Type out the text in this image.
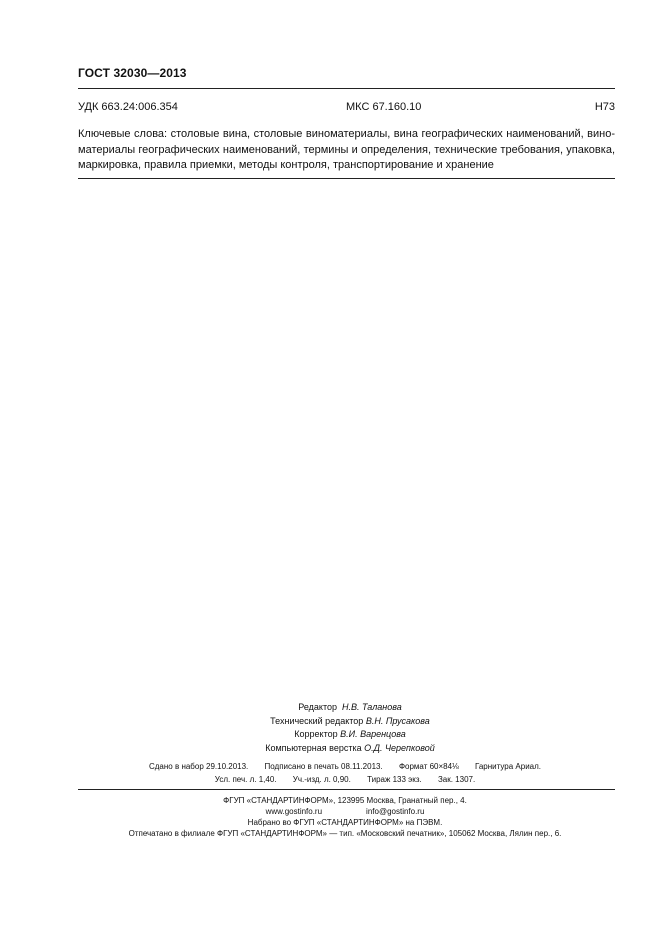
ГОСТ 32030—2013
УДК 663.24:006.354	МКС 67.160.10	Н73
Ключевые слова: столовые вина, столовые виноматериалы, вина географических наименований, вино-
материалы географических наименований, термины и определения, технические требования, упаковка,
маркировка, правила приемки, методы контроля, транспортирование и хранение
Редактор Н.В. Таланова
Технический редактор В.Н. Прусакова
Корректор В.И. Варенцова
Компьютерная верстка О.Д. Черепковой
Сдано в набор 29.10.2013. Подписано в печать 08.11.2013. Формат 60×84⅛ Гарнитура Ариал.
Усл. печ. л. 1,40. Уч.-изд. л. 0,90. Тираж 133 экз. Зак. 1307.
ФГУП «СТАНДАРТИНФОРМ», 123995 Москва, Гранатный пер., 4.
www.gostinfo.ru	info@gostinfo.ru
Набрано во ФГУП «СТАНДАРТИНФОРМ» на ПЭВМ.
Отпечатано в филиале ФГУП «СТАНДАРТИНФОРМ» — тип. «Московский печатник», 105062 Москва, Лялин пер., 6.
